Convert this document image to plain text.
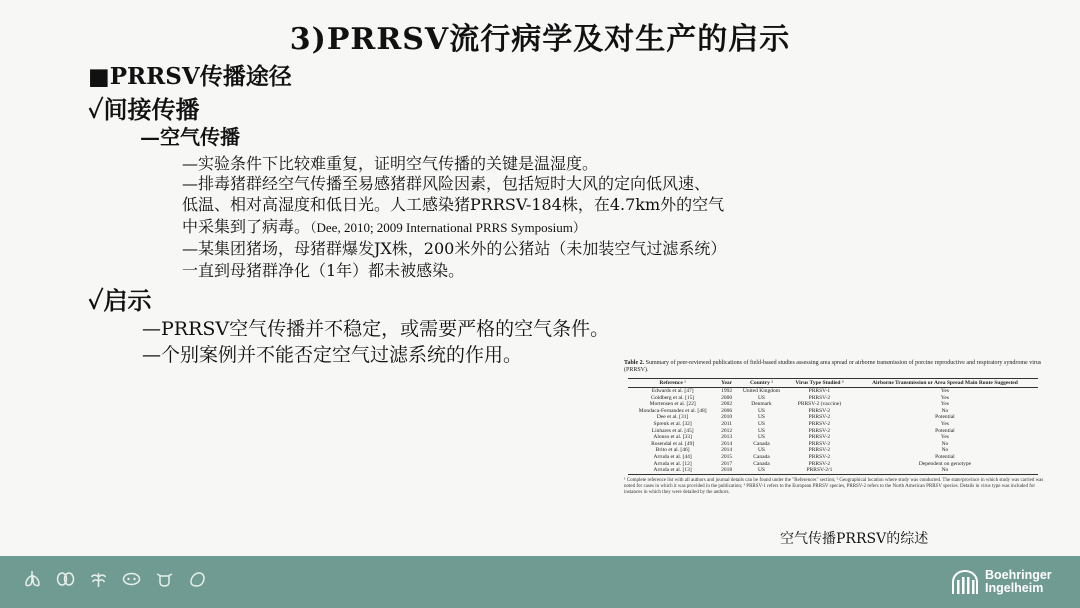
3)PRRSV流行病学及对生产的启示
■PRRSV传播途径
✓间接传播
—空气传播
—实验条件下比较难重复，证明空气传播的关键是温湿度。
—排毒猪群经空气传播至易感猪群风险因素，包括短时大风的定向低风速、
低温、相对高湿度和低日光。人工感染猪PRRSV-184株，在4.7km外的空气
中采集到了病毒。（Dee, 2010; 2009 International PRRS Symposium）
—某集团猪场，母猪群爆发JX株，200米外的公猪站（未加装空气过滤系统）
一直到母猪群净化（1年）都未被感染。
✓启示
—PRRSV空气传播并不稳定，或需要严格的空气条件。
—个别案例并不能否定空气过滤系统的作用。	Table 2. Summary of peer-reviewed publications of field-based studies assessing area spread or airborne transmission of porcine reproductive and respiratory syndrome virus (PRRSV).
Reference ¹	Year	Country ²	Virus Type Studied ³	Airborne Transmission or Area Spread Main Route Suggested
Edwards et al. [47]	1992	United Kingdom	PRRSV-1	Yes
Goldberg et al. [15]	2000	US	PRRSV-2	Yes
Mortensen et al. [22]	2002	Denmark	PRRSV-2 (vaccine)	Yes
Mondaca-Fernandez et al. [48]	2006	US	PRRSV-2	No
Dee et al. [31]	2010	US	PRRSV-2	Potential
Sprenk et al. [32]	2011	US	PRRSV-2	Yes
Linhares et al. [45]	2012	US	PRRSV-2	Potential
Alonso et al. [33]	2013	US	PRRSV-2	Yes
Rosendal et al. [49]	2014	Canada	PRRSV-2	No
Brito et al. [46]	2014	US	PRRSV-2	No
Arruda et al. [44]	2015	Canada	PRRSV-2	Potential
Arruda et al. [12]	2017	Canada	PRRSV-2	Dependent on genotype
Arruda et al. [13]	2018	US	PRRSV-2/1	No
¹ Complete reference list with all authors and journal details can be found under the "References" section; ² Geographical location where study was conducted. The state/province in which study was carried was noted for cases in which it was provided in the publication; ³ PRRSV-1 refers to the European PRRSV species, PRRSV-2 refers to the North American PRRSV species. Details in virus type was included for instances in which they were detailed by the authors.
空气传播PRRSV的综述
Boehringer
Ingelheim
